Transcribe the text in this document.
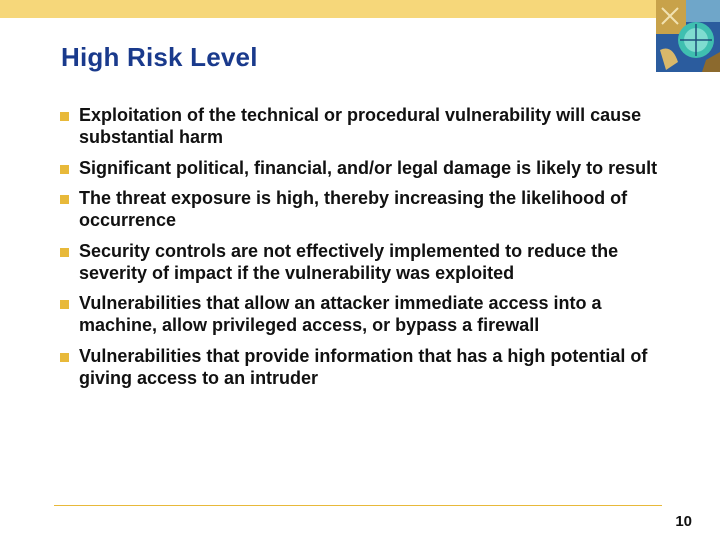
High Risk Level
Exploitation of the technical or procedural vulnerability will cause substantial harm
Significant political, financial, and/or legal damage is likely to result
The threat exposure is high, thereby increasing the likelihood of occurrence
Security controls are not effectively implemented to reduce the severity of impact if the vulnerability was exploited
Vulnerabilities that allow an attacker immediate access into a machine, allow privileged access, or bypass a firewall
Vulnerabilities that provide information that has a high potential of giving access to an intruder
10
